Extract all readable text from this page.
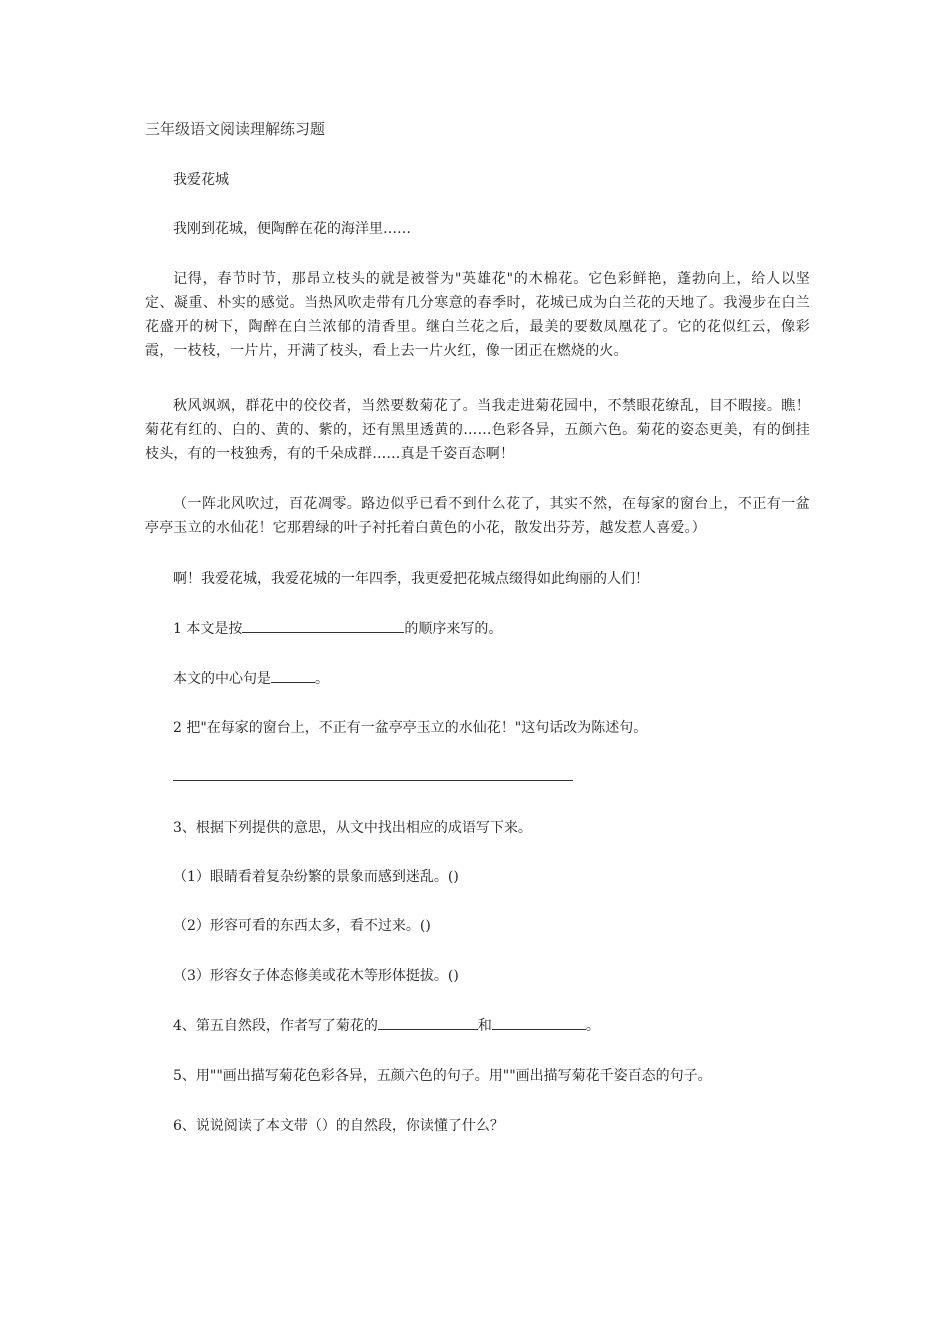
三年级语文阅读理解练习题
我爱花城
我刚到花城，便陶醉在花的海洋里……
记得，春节时节，那昂立枝头的就是被誉为"英雄花"的木棉花。它色彩鲜艳，蓬勃向上，给人以坚定、凝重、朴实的感觉。当热风吹走带有几分寒意的春季时，花城已成为白兰花的天地了。我漫步在白兰花盛开的树下，陶醉在白兰浓郁的清香里。继白兰花之后，最美的要数凤凰花了。它的花似红云，像彩霞，一枝枝，一片片，开满了枝头，看上去一片火红，像一团正在燃烧的火。
秋风飒飒，群花中的佼佼者，当然要数菊花了。当我走进菊花园中，不禁眼花缭乱，目不暇接。瞧！菊花有红的、白的、黄的、紫的，还有黑里透黄的……色彩各异，五颜六色。菊花的姿态更美，有的倒挂枝头，有的一枝独秀，有的千朵成群……真是千姿百态啊！
（一阵北风吹过，百花凋零。路边似乎已看不到什么花了，其实不然，在每家的窗台上，不正有一盆亭亭玉立的水仙花！它那碧绿的叶子衬托着白黄色的小花，散发出芬芳，越发惹人喜爱。）
啊！我爱花城，我爱花城的一年四季，我更爱把花城点缀得如此绚丽的人们！
1 本文是按	的顺序来写的。
本文的中心句是	。
2 把"在每家的窗台上，不正有一盆亭亭玉立的水仙花！"这句话改为陈述句。
3、根据下列提供的意思，从文中找出相应的成语写下来。
（1）眼睛看着复杂纷繁的景象而感到迷乱。()
（2）形容可看的东西太多，看不过来。()
（3）形容女子体态修美或花木等形体挺拔。()
4、第五自然段，作者写了菊花的	和	。
5、用""画出描写菊花色彩各异，五颜六色的句子。用""画出描写菊花千姿百态的句子。
6、说说阅读了本文带（）的自然段，你读懂了什么？
